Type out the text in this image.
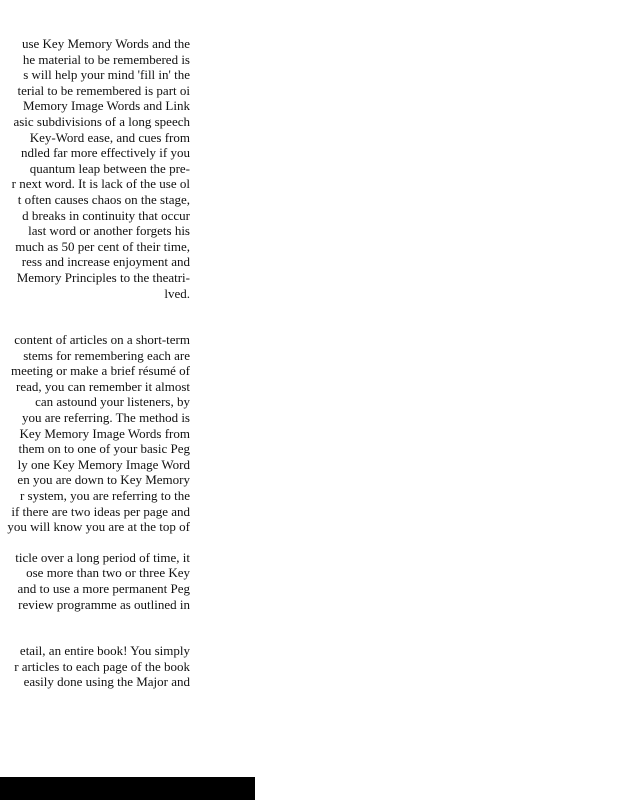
use Key Memory Words and the
he material to be remembered is
s will help your mind 'fill in' the
terial to be remembered is part oi
Memory Image Words and Link
asic subdivisions of a long speech
Key-Word ease, and cues from
ndled far more effectively if you
quantum leap between the pre-
r next word. It is lack of the use ol
t often causes chaos on the stage,
d breaks in continuity that occur
last word or another forgets his
much as 50 per cent of their time,
ress and increase enjoyment and
Memory Principles to the theatri-
lved.
content of articles on a short-term
stems for remembering each are
meeting or make a brief résumé of
read, you can remember it almost
can astound your listeners, by
you are referring. The method is
Key Memory Image Words from
them on to one of your basic Peg
ly one Key Memory Image Word
en you are down to Key Memory
r system, you are referring to the
if there are two ideas per page and
you will know you are at the top of
ticle over a long period of time, it
ose more than two or three Key
and to use a more permanent Peg
review programme as outlined in
etail, an entire book! You simply
r articles to each page of the book
easily done using the Major and
